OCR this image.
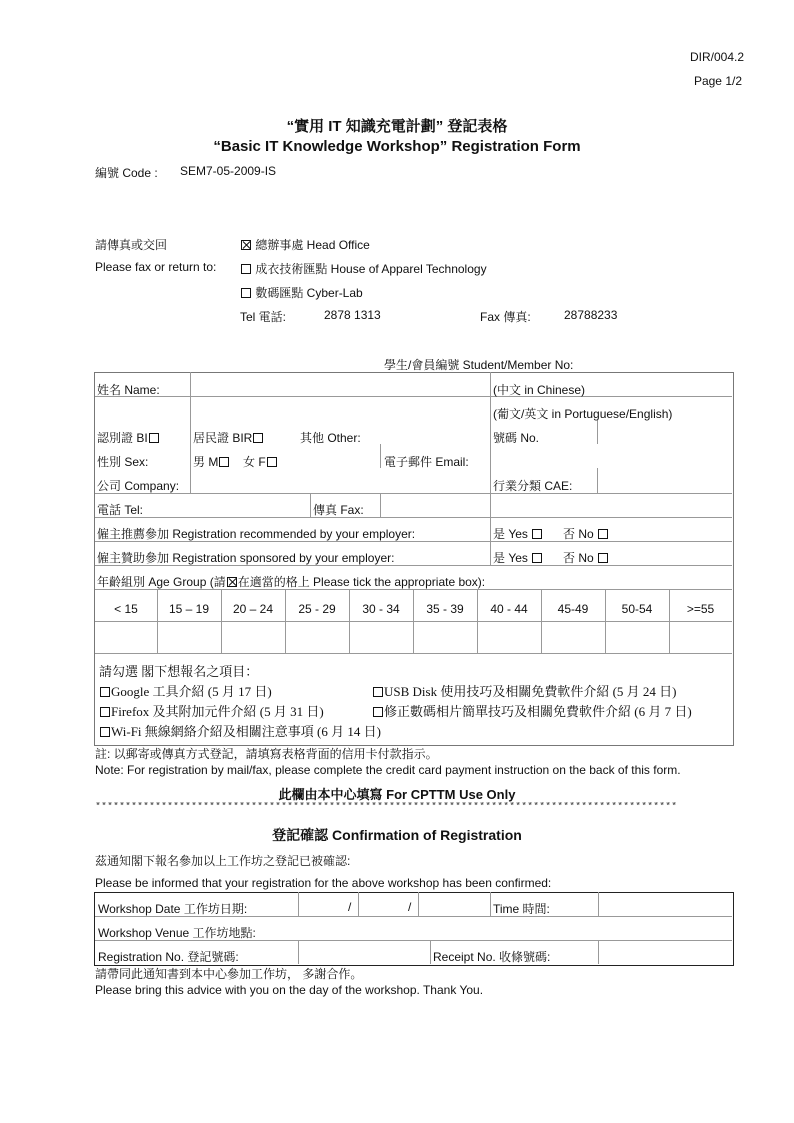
DIR/004.2
Page 1/2
“實用 IT 知識充電計劃” 登記表格
“Basic IT Knowledge Workshop” Registration Form
編號 Code : SEM7-05-2009-IS
請傳真或交回
Please fax or return to:
總辦事處 Head Office
成衣技術匯點 House of Apparel Technology
數碼匯點 Cyber-Lab
Tel 電話:	2878 1313	Fax 傳真:	28788233
學生/會員編號 Student/Member No:
姓名 Name:	(中文 in Chinese)
(葡文/英文 in Portuguese/English)
認別證 BI	居民證 BIR	其他 Other:	號碼 No.
性別 Sex:	男 M	女 F	電子郵件 Email:
公司 Company:	行業分類 CAE:
電話 Tel:	傳真 Fax:
僱主推薦參加 Registration recommended by your employer:	是 Yes	否 No
僱主贊助參加 Registration sponsored by your employer:	是 Yes	否 No
年齡組別 Age Group (請 在適當的格上 Please tick the appropriate box):
< 15	15 – 19	20 – 24	25 - 29	30 - 34	35 - 39	40 - 44	45-49	50-54	>=55
請勾選 閣下想報名之項目：
Google 工具介紹 (5 月 17 日)	USB Disk 使用技巧及相關免費軟件介紹 (5 月 24 日)
Firefox 及其附加元件介紹 (5 月 31 日)	修正數碼相片簡單技巧及相關免費軟件介紹 (6 月 7 日)
Wi-Fi 無線網絡介紹及相關注意事項 (6 月 14 日)
註: 以郵寄或傳真方式登記，請填寫表格背面的信用卡付款指示。
Note: For registration by mail/fax, please complete the credit card payment instruction on the back of this form.
此欄由本中心填寫 For CPTTM Use Only
*************************************************************************************************
登記確認 Confirmation of Registration
茲通知閣下報名參加以上工作坊之登記已被確認:
Please be informed that your registration for the above workshop has been confirmed:
Workshop Date 工作坊日期:	/	/	Time 時間:
Workshop Venue 工作坊地點:
Registration No. 登記號碼:	Receipt No. 收條號碼:
請帶同此通知書到本中心參加工作坊， 多謝合作。
Please bring this advice with you on the day of the workshop. Thank You.
